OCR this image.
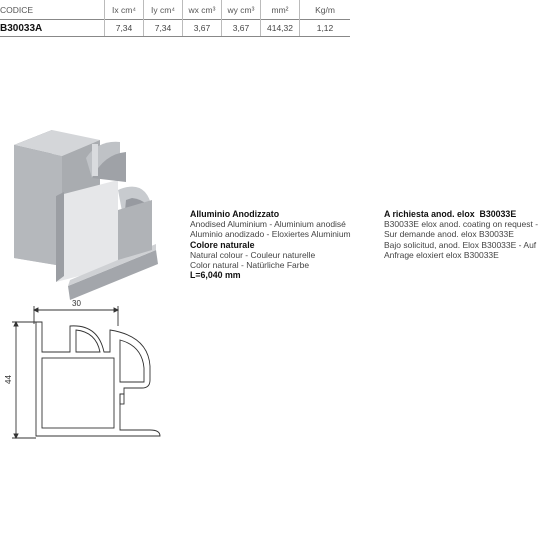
CODICE	Ix cm⁴	Iy cm⁴	wx cm³	wy cm³	mm²	Kg/m
B30033A	7,34	7,34	3,67	3,67	414,32	1,12
Alluminio Anodizzato
Anodised Aluminium - Aluminium anodisé
Aluminio anodizado - Eloxiertes Aluminium
Colore naturale
Natural colour - Couleur naturelle
Color natural - Natürliche Farbe
L=6,040 mm
A richiesta anod. elox B30033E
B30033E elox anod. coating on request -
Sur demande anod. elox B30033E
Bajo solicitud, anod. Elox B30033E - Auf
Anfrage eloxiert elox B30033E
30
44
